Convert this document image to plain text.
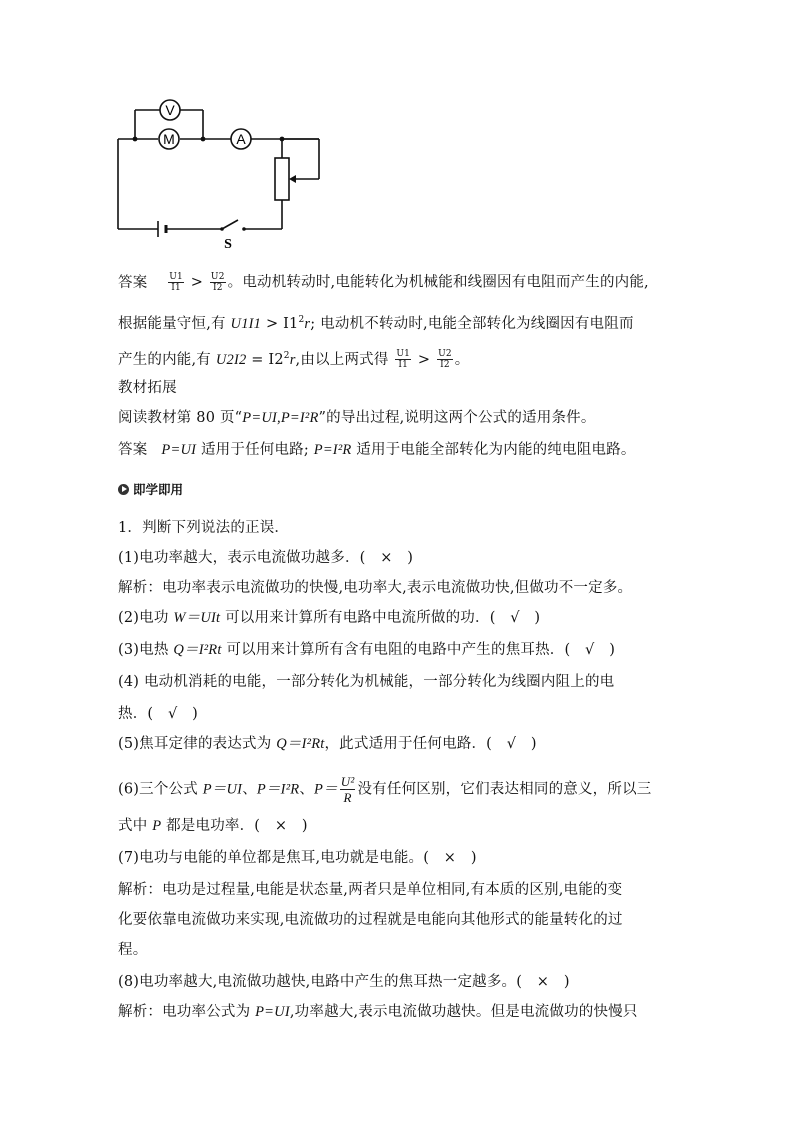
V
M	A
S
答案 $\frac{U1}{I1} > \frac{U2}{I2}$ 。电动机转动时,电能转化为机械能和线圈因有电阻而产生的内能,
根据能量守恒,有 $U1I1 > I1^2r$; 电动机不转动时,电能全部转化为线圈因有电阻而
产生的内能,有 $U2I2 = I2^2r$,由以上两式得 $\frac{U1}{I1} > \frac{U2}{I2}$ 。
教材拓展
阅读教材第 80 页“P=UI,P=I²R”的导出过程,说明这两个公式的适用条件。
答案 P=UI 适用于任何电路; P=I²R 适用于电能全部转化为内能的纯电阻电路。
即学即用
1．判断下列说法的正误．
(1)电功率越大，表示电流做功越多．(　×　)
解析：电功率表示电流做功的快慢,电功率大,表示电流做功快,但做功不一定多。
(2)电功 W＝UIt 可以用来计算所有电路中电流所做的功．(　√　)
(3)电热 Q＝I²Rt 可以用来计算所有含有电阻的电路中产生的焦耳热．(　√　)
(4) 电动机消耗的电能，一部分转化为机械能，一部分转化为线圈内阻上的电
热．(　√　)
(5)焦耳定律的表达式为 Q＝I²Rt，此式适用于任何电路．(　√　)
(6)三个公式 P＝UI、P＝I²R、$P= \frac{\text{U²}}{R}$ 没有任何区别，它们表达相同的意义，所以三
式中 P 都是电功率．(　×　)
(7)电功与电能的单位都是焦耳,电功就是电能。(　×　)
解析：电功是过程量,电能是状态量,两者只是单位相同,有本质的区别,电能的变
化要依靠电流做功来实现,电流做功的过程就是电能向其他形式的能量转化的过
程。
(8)电功率越大,电流做功越快,电路中产生的焦耳热一定越多。(　×　)
解析：电功率公式为 P=UI,功率越大,表示电流做功越快。但是电流做功的快慢只
